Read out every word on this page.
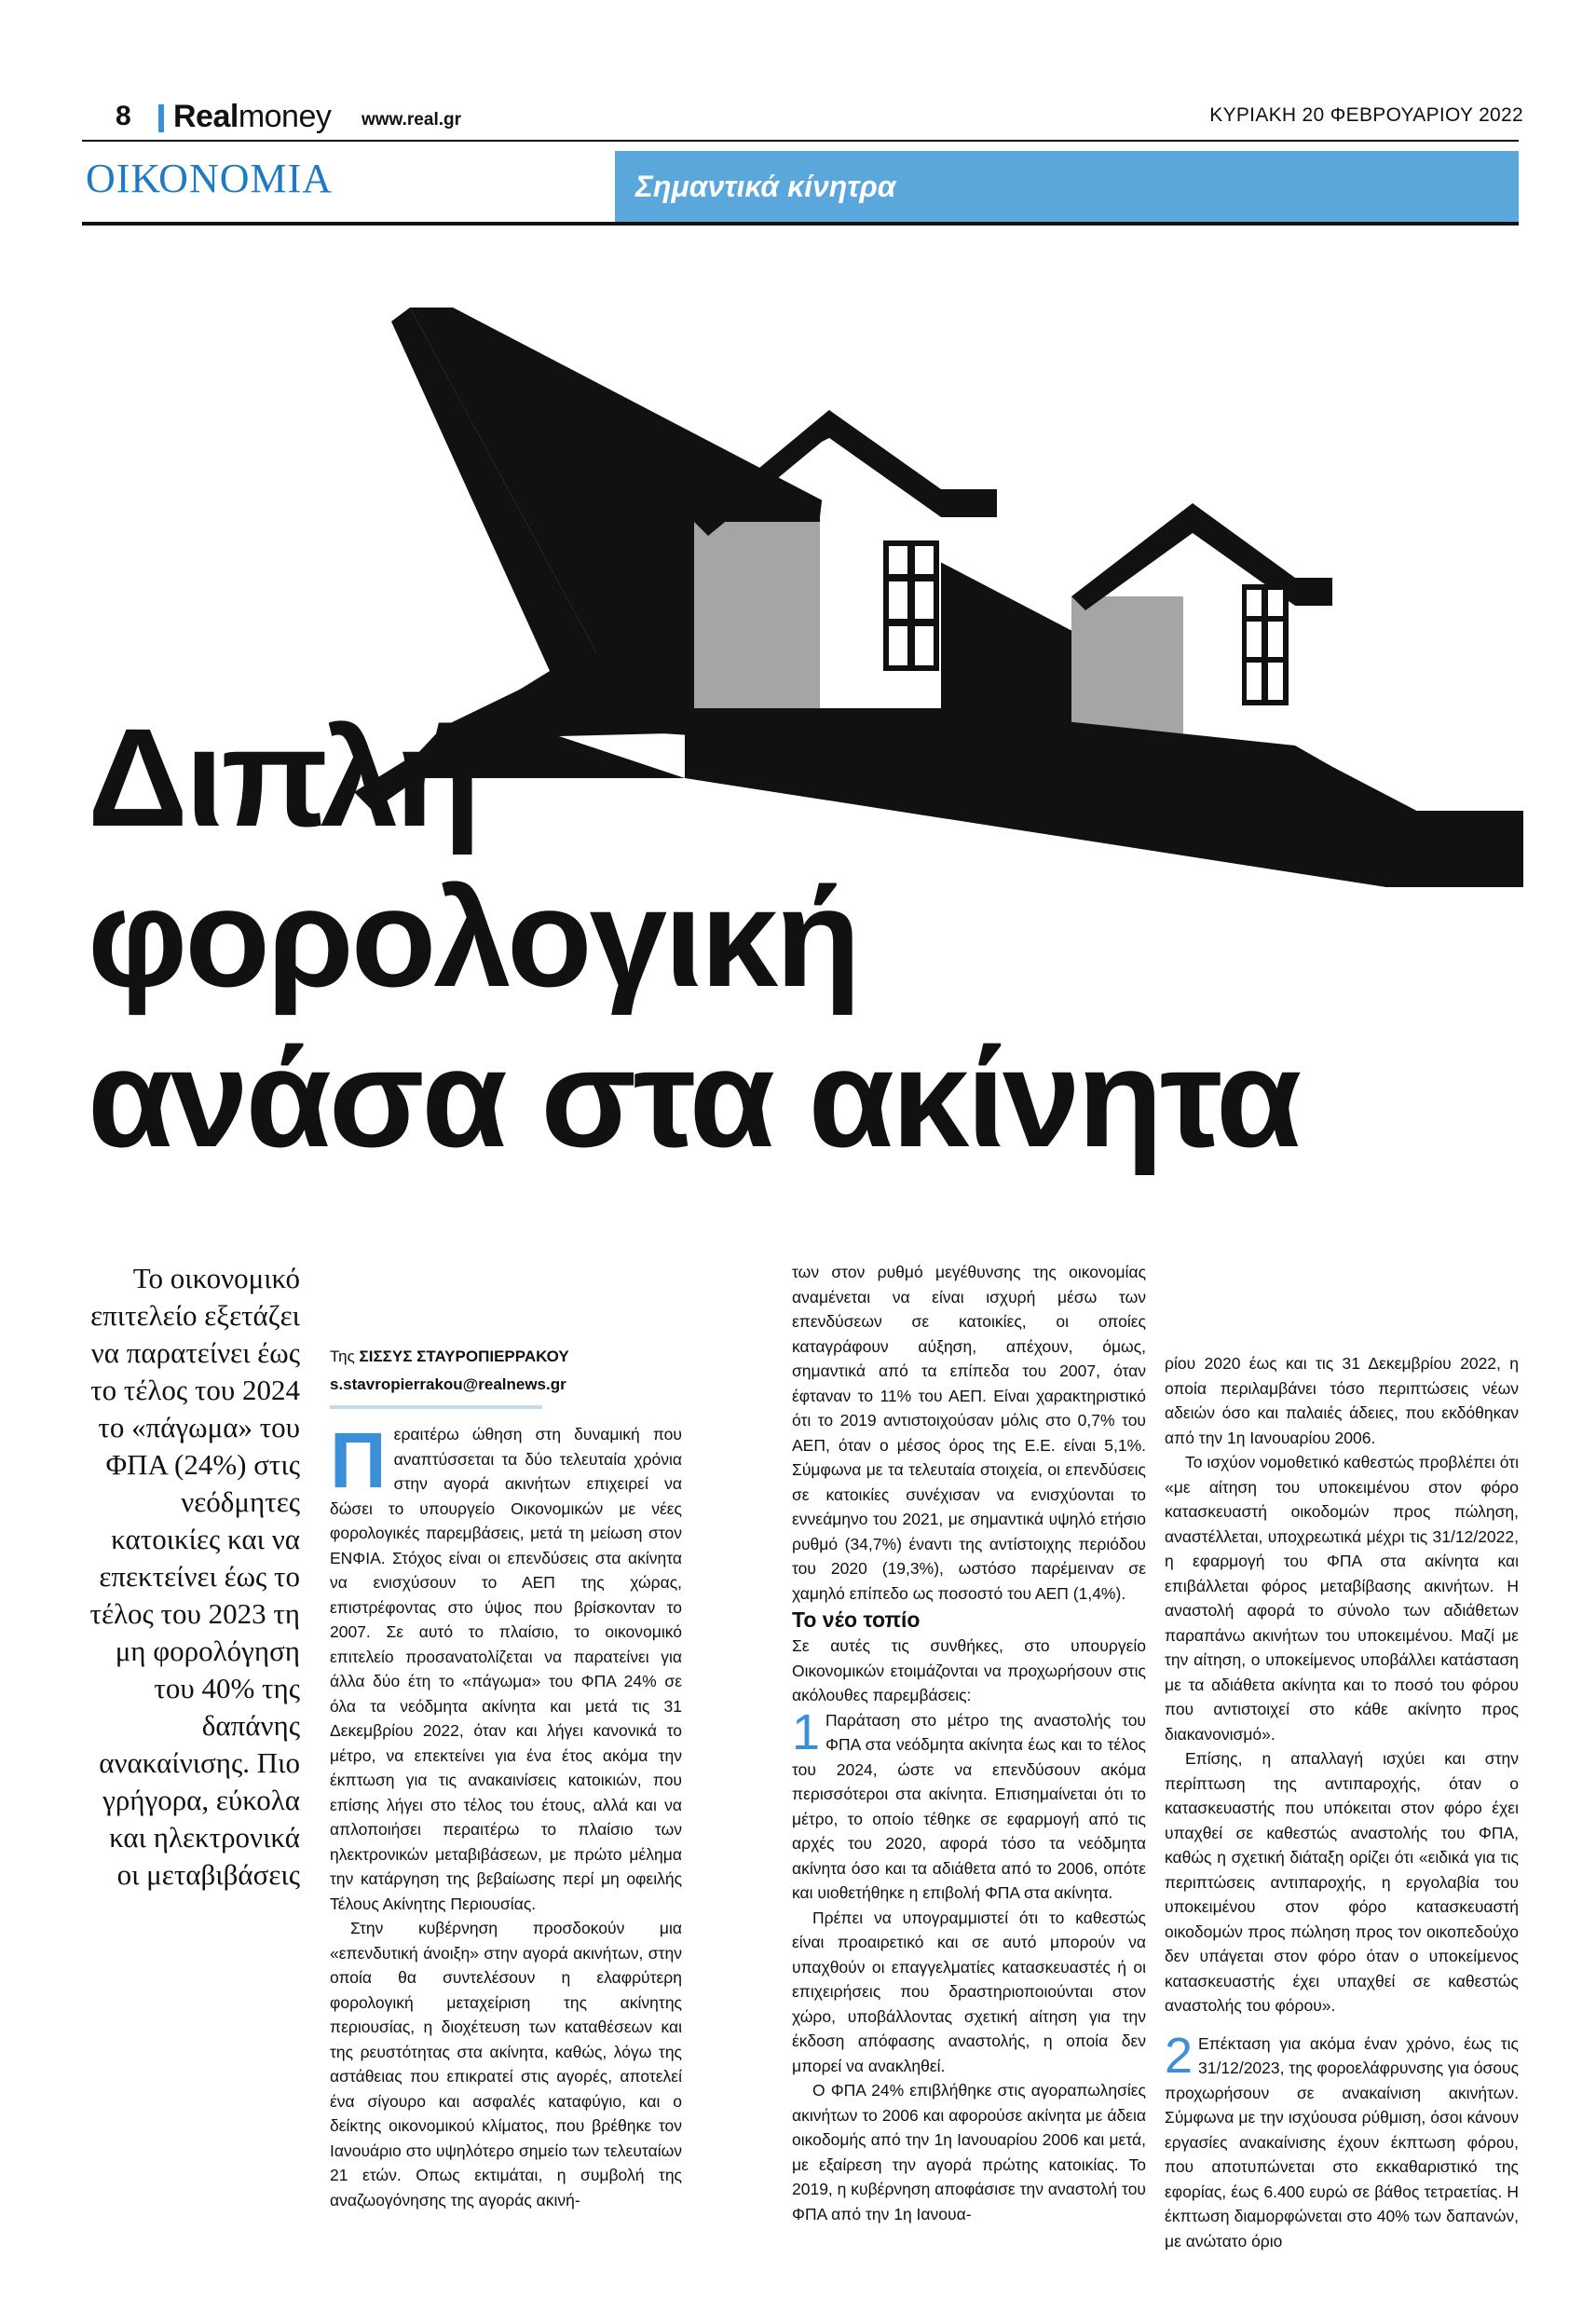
8 Realmoney www.real.gr	ΚΥΡΙΑΚΗ 20 ΦΕΒΡΟΥΑΡΙΟΥ 2022
ΟΙΚΟΝΟΜΙΑ	Σημαντικά κίνητρα
Διπλή
φορολογική
ανάσα στα ακίνητα
Το οικονομικό επιτελείο εξετάζει να παρατείνει έως το τέλος του 2024 το «πάγωμα» του ΦΠΑ (24%) στις νεόδμητες κατοικίες και να επεκτείνει έως το τέλος του 2023 τη μη φορολόγηση του 40% της δαπάνης ανακαίνισης. Πιο γρήγορα, εύκολα και ηλεκτρονικά οι μεταβιβάσεις
Της ΣΙΣΣΥΣ ΣΤΑΥΡΟΠΙΕΡΡΑΚΟΥ
s.stavropierrakou@realnews.gr

Περαιτέρω ώθηση στη δυναμική που αναπτύσσεται τα δύο τελευταία χρόνια στην αγορά ακινήτων επιχειρεί να δώσει το υπουργείο Οικονομικών με νέες φορολογικές παρεμβάσεις, μετά τη μείωση στον ΕΝΦΙΑ. Στόχος είναι οι επενδύσεις στα ακίνητα να ενισχύσουν το ΑΕΠ της χώρας, επιστρέφοντας στο ύψος που βρίσκονταν το 2007. Σε αυτό το πλαίσιο, το οικονομικό επιτελείο προσανατολίζεται να παρατείνει για άλλα δύο έτη το «πάγωμα» του ΦΠΑ 24% σε όλα τα νεόδμητα ακίνητα και μετά τις 31 Δεκεμβρίου 2022, όταν και λήγει κανονικά το μέτρο, να επεκτείνει για ένα έτος ακόμα την έκπτωση για τις ανακαινίσεις κατοικιών, που επίσης λήγει στο τέλος του έτους, αλλά και να απλοποιήσει περαιτέρω το πλαίσιο των ηλεκτρονικών μεταβιβάσεων, με πρώτο μέλημα την κατάργηση της βεβαίωσης περί μη οφειλής Τέλους Ακίνητης Περιουσίας.

Στην κυβέρνηση προσδοκούν μια «επενδυτική άνοιξη» στην αγορά ακινήτων, στην οποία θα συντελέσουν η ελαφρύτερη φορολογική μεταχείριση της ακίνητης περιουσίας, η διοχέτευση των καταθέσεων και της ρευστότητας στα ακίνητα, καθώς, λόγω της αστάθειας που επικρατεί στις αγορές, αποτελεί ένα σίγουρο και ασφαλές καταφύγιο, και ο δείκτης οικονομικού κλίματος, που βρέθηκε τον Ιανουάριο στο υψηλότερο σημείο των τελευταίων 21 ετών. Οπως εκτιμάται, η συμβολή της αναζωογόνησης της αγοράς ακινή-

των στον ρυθμό μεγέθυνσης της οικονομίας αναμένεται να είναι ισχυρή μέσω των επενδύσεων σε κατοικίες, οι οποίες καταγράφουν αύξηση, απέχουν, όμως, σημαντικά από τα επίπεδα του 2007, όταν έφταναν το 11% του ΑΕΠ. Είναι χαρακτηριστικό ότι το 2019 αντιστοιχούσαν μόλις στο 0,7% του ΑΕΠ, όταν ο μέσος όρος της Ε.Ε. είναι 5,1%. Σύμφωνα με τα τελευταία στοιχεία, οι επενδύσεις σε κατοικίες συνέχισαν να ενισχύονται το εννεάμηνο του 2021, με σημαντικά υψηλό ετήσιο ρυθμό (34,7%) έναντι της αντίστοιχης περιόδου του 2020 (19,3%), ωστόσο παρέμειναν σε χαμηλό επίπεδο ως ποσοστό του ΑΕΠ (1,4%).

Το νέο τοπίο

Σε αυτές τις συνθήκες, στο υπουργείο Οικονομικών ετοιμάζονται να προχωρήσουν στις ακόλουθες παρεμβάσεις:

1 Παράταση στο μέτρο της αναστολής του ΦΠΑ στα νεόδμητα ακίνητα έως και το τέλος του 2024, ώστε να επενδύσουν ακόμα περισσότεροι στα ακίνητα. Επισημαίνεται ότι το μέτρο, το οποίο τέθηκε σε εφαρμογή από τις αρχές του 2020, αφορά τόσο τα νεόδμητα ακίνητα όσο και τα αδιάθετα από το 2006, οπότε και υιοθετήθηκε η επιβολή ΦΠΑ στα ακίνητα.

Πρέπει να υπογραμμιστεί ότι το καθεστώς είναι προαιρετικό και σε αυτό μπορούν να υπαχθούν οι επαγγελματίες κατασκευαστές ή οι επιχειρήσεις που δραστηριοποιούνται στον χώρο, υποβάλλοντας σχετική αίτηση για την έκδοση απόφασης αναστολής, η οποία δεν μπορεί να ανακληθεί.

Ο ΦΠΑ 24% επιβλήθηκε στις αγοραπωλησίες ακινήτων το 2006 και αφορούσε ακίνητα με άδεια οικοδομής από την 1η Ιανουαρίου 2006 και μετά, με εξαίρεση την αγορά πρώτης κατοικίας. Το 2019, η κυβέρνηση αποφάσισε την αναστολή του ΦΠΑ από την 1η Ιανουα-

ρίου 2020 έως και τις 31 Δεκεμβρίου 2022, η οποία περιλαμβάνει τόσο περιπτώσεις νέων αδειών όσο και παλαιές άδειες, που εκδόθηκαν από την 1η Ιανουαρίου 2006.

Το ισχύον νομοθετικό καθεστώς προβλέπει ότι «με αίτηση του υποκειμένου στον φόρο κατασκευαστή οικοδομών προς πώληση, αναστέλλεται, υποχρεωτικά μέχρι τις 31/12/2022, η εφαρμογή του ΦΠΑ στα ακίνητα και επιβάλλεται φόρος μεταβίβασης ακινήτων. Η αναστολή αφορά το σύνολο των αδιάθετων παραπάνω ακινήτων του υποκειμένου. Μαζί με την αίτηση, ο υποκείμενος υποβάλλει κατάσταση με τα αδιάθετα ακίνητα και το ποσό του φόρου που αντιστοιχεί στο κάθε ακίνητο προς διακανονισμό».

Επίσης, η απαλλαγή ισχύει και στην περίπτωση της αντιπαροχής, όταν ο κατασκευαστής που υπόκειται στον φόρο έχει υπαχθεί σε καθεστώς αναστολής του ΦΠΑ, καθώς η σχετική διάταξη ορίζει ότι «ειδικά για τις περιπτώσεις αντιπαροχής, η εργολαβία του υποκειμένου στον φόρο κατασκευαστή οικοδομών προς πώληση προς τον οικοπεδούχο δεν υπάγεται στον φόρο όταν ο υποκείμενος κατασκευαστής έχει υπαχθεί σε καθεστώς αναστολής του φόρου».

2 Επέκταση για ακόμα έναν χρόνο, έως τις 31/12/2023, της φοροελάφρυνσης για όσους προχωρήσουν σε ανακαίνιση ακινήτων. Σύμφωνα με την ισχύουσα ρύθμιση, όσοι κάνουν εργασίες ανακαίνισης έχουν έκπτωση φόρου, που αποτυπώνεται στο εκκαθαριστικό της εφορίας, έως 6.400 ευρώ σε βάθος τετραετίας. Η έκπτωση διαμορφώνεται στο 40% των δαπανών, με ανώτατο όριο
